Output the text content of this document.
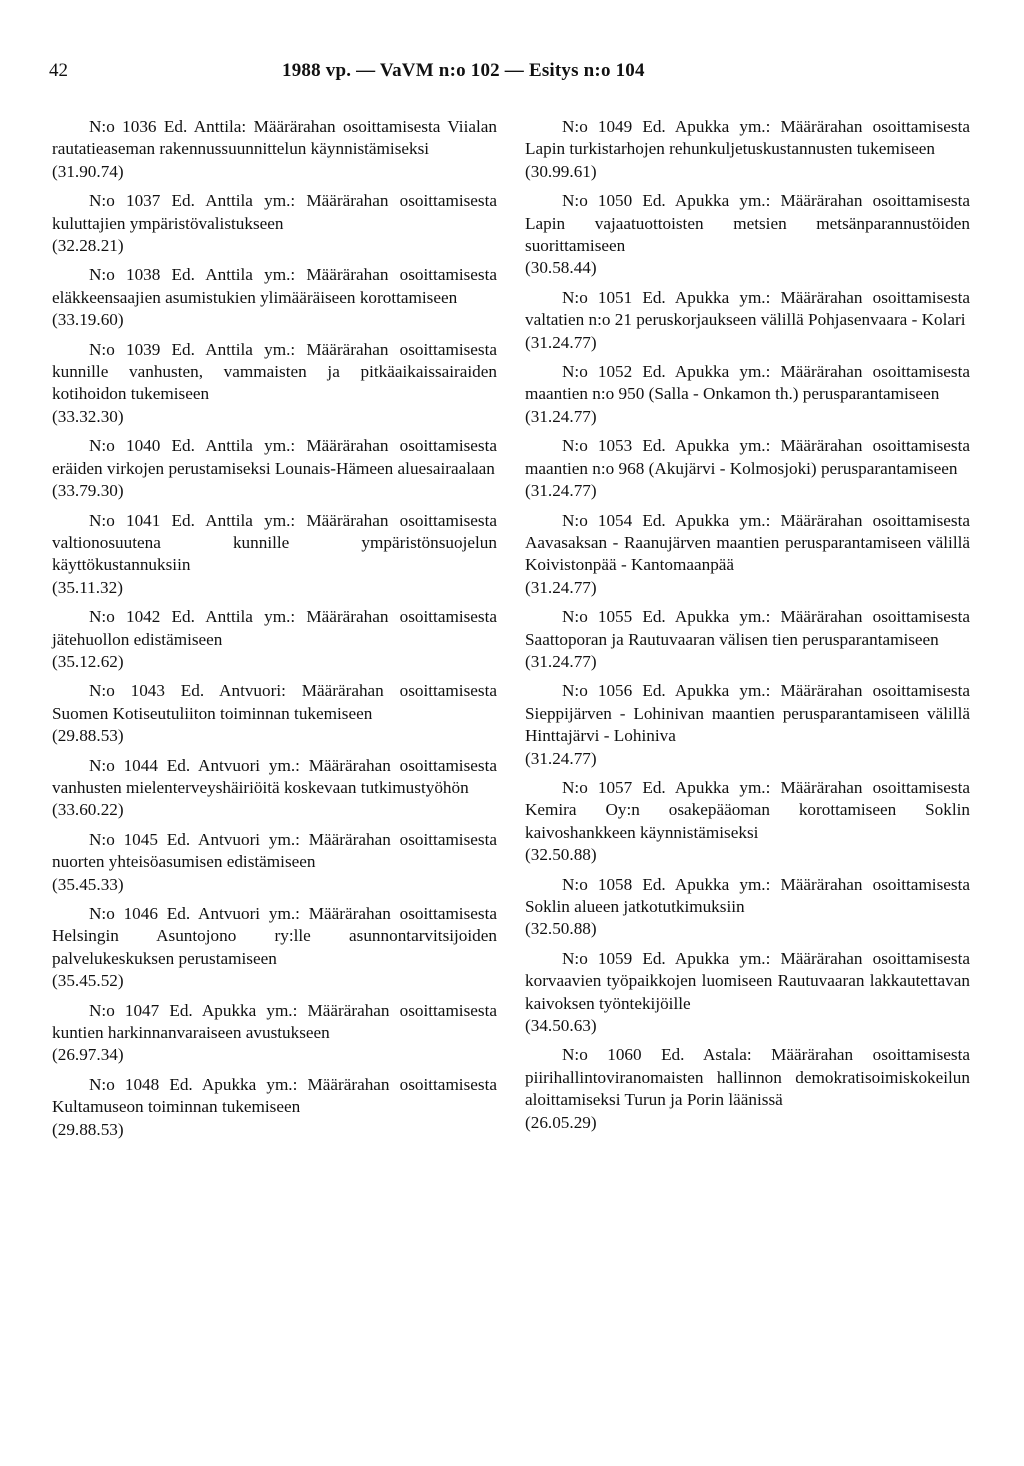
42	1988 vp. — VaVM n:o 102 — Esitys n:o 104

N:o 1036 Ed. Anttila: Määrärahan osoittamisesta Viialan rautatieaseman rakennussuunnittelun käynnistämiseksi

(31.90.74)

N:o 1037 Ed. Anttila ym.: Määrärahan osoittamisesta kuluttajien ympäristövalistukseen

(32.28.21)

N:o 1038 Ed. Anttila ym.: Määrärahan osoittamisesta eläkkeensaajien asumistukien ylimääräiseen korottamiseen

(33.19.60)

N:o 1039 Ed. Anttila ym.: Määrärahan osoittamisesta kunnille vanhusten, vammaisten ja pitkäaikaissairaiden kotihoidon tukemiseen

(33.32.30)

N:o 1040 Ed. Anttila ym.: Määrärahan osoittamisesta eräiden virkojen perustamiseksi Lounais-Hämeen aluesairaalaan

(33.79.30)

N:o 1041 Ed. Anttila ym.: Määrärahan osoittamisesta valtionosuutena kunnille ympäristönsuojelun käyttökustannuksiin

(35.11.32)

N:o 1042 Ed. Anttila ym.: Määrärahan osoittamisesta jätehuollon edistämiseen

(35.12.62)

N:o 1043 Ed. Antvuori: Määrärahan osoittamisesta Suomen Kotiseutuliiton toiminnan tukemiseen

(29.88.53)

N:o 1044 Ed. Antvuori ym.: Määrärahan osoittamisesta vanhusten mielenterveyshäiriöitä koskevaan tutkimustyöhön

(33.60.22)

N:o 1045 Ed. Antvuori ym.: Määrärahan osoittamisesta nuorten yhteisöasumisen edistämiseen

(35.45.33)

N:o 1046 Ed. Antvuori ym.: Määrärahan osoittamisesta Helsingin Asuntojono ry:lle asunnontarvitsijoiden palvelukeskuksen perustamiseen

(35.45.52)

N:o 1047 Ed. Apukka ym.: Määrärahan osoittamisesta kuntien harkinnanvaraiseen avustukseen

(26.97.34)

N:o 1048 Ed. Apukka ym.: Määrärahan osoittamisesta Kultamuseon toiminnan tukemiseen

(29.88.53)

N:o 1049 Ed. Apukka ym.: Määrärahan osoittamisesta Lapin turkistarhojen rehunkuljetuskustannusten tukemiseen

(30.99.61)

N:o 1050 Ed. Apukka ym.: Määrärahan osoittamisesta Lapin vajaatuottoisten metsien metsänparannustöiden suorittamiseen

(30.58.44)

N:o 1051 Ed. Apukka ym.: Määrärahan osoittamisesta valtatien n:o 21 peruskorjaukseen välillä Pohjasenvaara - Kolari

(31.24.77)

N:o 1052 Ed. Apukka ym.: Määrärahan osoittamisesta maantien n:o 950 (Salla - Onkamon th.) perusparantamiseen

(31.24.77)

N:o 1053 Ed. Apukka ym.: Määrärahan osoittamisesta maantien n:o 968 (Akujärvi - Kolmosjoki) perusparantamiseen

(31.24.77)

N:o 1054 Ed. Apukka ym.: Määrärahan osoittamisesta Aavasaksan - Raanujärven maantien perusparantamiseen välillä Koivistonpää - Kantomaanpää

(31.24.77)

N:o 1055 Ed. Apukka ym.: Määrärahan osoittamisesta Saattoporan ja Rautuvaaran välisen tien perusparantamiseen

(31.24.77)

N:o 1056 Ed. Apukka ym.: Määrärahan osoittamisesta Sieppijärven - Lohinivan maantien perusparantamiseen välillä Hinttajärvi - Lohiniva

(31.24.77)

N:o 1057 Ed. Apukka ym.: Määrärahan osoittamisesta Kemira Oy:n osakepääoman korottamiseen Soklin kaivoshankkeen käynnistämiseksi

(32.50.88)

N:o 1058 Ed. Apukka ym.: Määrärahan osoittamisesta Soklin alueen jatkotutkimuksiin

(32.50.88)

N:o 1059 Ed. Apukka ym.: Määrärahan osoittamisesta korvaavien työpaikkojen luomiseen Rautuvaaran lakkautettavan kaivoksen työntekijöille

(34.50.63)

N:o 1060 Ed. Astala: Määrärahan osoittamisesta piirihallintoviranomaisten hallinnon demokratisoimiskokeilun aloittamiseksi Turun ja Porin läänissä

(26.05.29)
